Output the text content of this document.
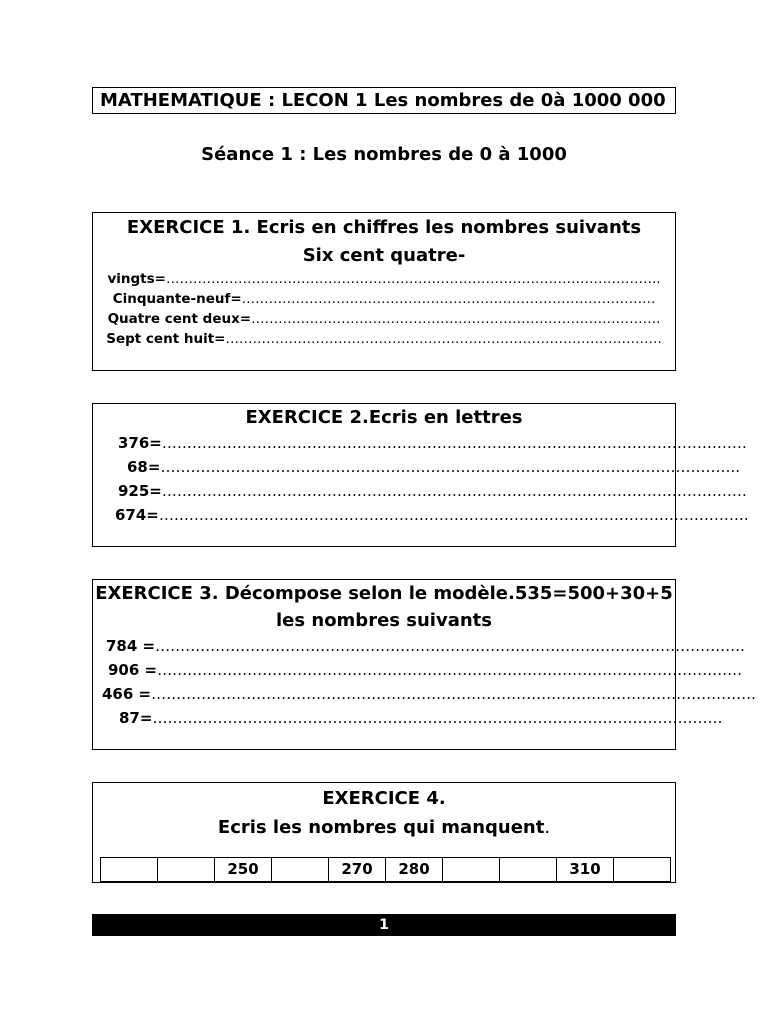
MATHEMATIQUE : LECON 1 Les nombres de 0à 1000 000
Séance 1 : Les nombres de 0 à 1000
EXERCICE 1. Ecris en chiffres les nombres suivants
Six cent quatre-
vingts=………………………………………………………………………………………………..
Cinquante-neuf=………………………………………………………………………………..
Quatre cent deux=……………………………………………………………………………….
Sept cent huit=…………………………………………………………………………………….
EXERCICE 2.Ecris en lettres
376=………………………………………………………………………………………………………
68=……………………………………………………………………………………………………..
925=………………………………………………………………………………………………………
674=……………………………………………………………………………………………………….
EXERCICE 3. Décompose selon le modèle.535=500+30+5
les nombres suivants
784 =……………………………………………………………………………………………………….
906 =………………………………………………………………………………………………………
466 =………………………………………………………………………………………………………….
87=……………………………………………………………………………………………………
EXERCICE 4.
Ecris les nombres qui manquent.
		250		270	280			310	
1
